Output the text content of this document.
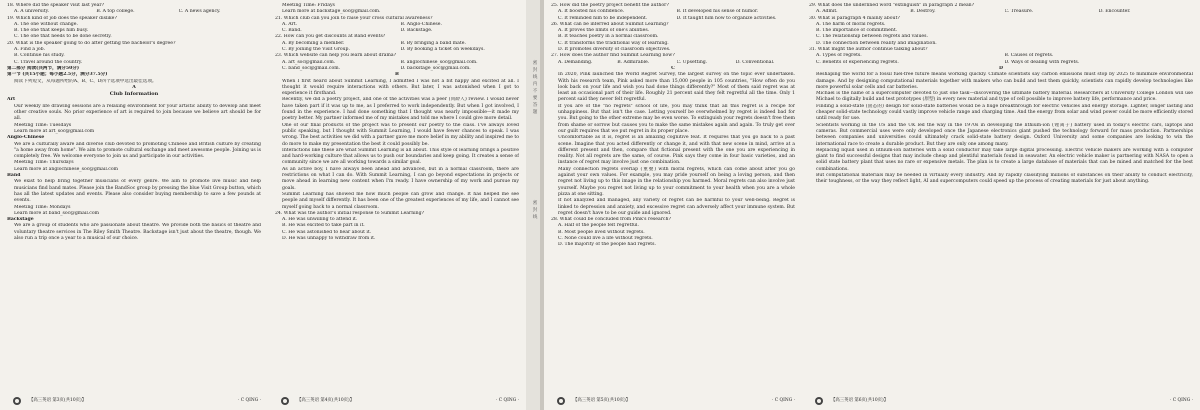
18. Where did the speaker visit last year?

A. A university.	B. A top college.	C. A news agency.

19. Which kind of job does the speaker dislike?

A. The one without change.

B. The one that keeps him busy.

C. The one that needs to be done secretly.

20. What is the speaker going to do after getting the bachelor's degree?

A. Find a job.

B. Continue his study.

C. Travel around the country.

第二部分 阅读(共两节，满分50分)

第一节 (共15小题；每小题2.5分，满分37.5分)

阅读下列短文，从每题所给的A、B、C、D四个选项中选出最佳选项。

A

Club Information

Art

Our weekly life drawing sessions are a relaxing environment for your artistic ability to develop and meet other creative souls. No prior experience of art is required to join because we believe art should be for all.

Meeting Time: Tuesdays

Learn more at art_soc@gmail.com

Anglo-Chinese

We are a culturally aware and diverse club devoted to promoting Chinese and British culture by creating "a home away from home". We aim to promote cultural exchange and meet awesome people. Joining us is completely free. We welcome everyone to join us and participate in our activities.

Meeting Time: Thursdays

Learn more at anglochinese_soc@gmail.com

Band

We exist to help bring together musicians of every genre. We aim to promote live music and help musicians find band mates. Please join the BandSoc group by pressing the blue Visit Group button, which has all the latest updates and events. Please also consider buying membership to save a few pounds at events.

Meeting Time: Mondays

Learn more at band_soc@gmail.com

Backstage

We are a group of students who are passionate about theatre. We provide both the basics of theatre and voluntary theatre services in The Riley Smith Theatre. Backstage isn't just about the theatre, though. We also run a trip once a year to a musical of our choice.

【高三英语 第3页(共10页)】	· C QING ·

Meeting Time: Fridays

Learn more at backstage_soc@gmail.com.

21. Which club can you join to raise your cross cultural awareness?

A. Art.	B. Anglo-Chinese.
C. Band.	D. Backstage.

22. How can you get discounts at Band events?

A. By becoming a member.	B. By bringing a band mate.
C. By joining the Visit Group.	D. By booking a ticket on weekdays.

23. Which website can help you learn about drama?

A. art_soc@gmail.com.	B. anglochinese_soc@gmail.com.
C. band_soc@gmail.com.	D. backstage_soc@gmail.com.

B

When I first heard about Summit Learning, I admitted I was not a bit happy and excited at all. I thought it would require interactions with others. But later, I was astonished when I got to experience it firsthand.

Recently, we did a poetry project, and one of the activities was a peer (同龄人) review. I would never have taken part if it was up to me, as I preferred to work independently. But when I got involved, I found in the experience. I had done something that I thought was nearly impossible—it made my poetry better. My partner informed me of my mistakes and told me where I could give more detail.

One of our final products of the project was to present our poetry to the class. I've always loved public speaking, but I thought with Summit Learning, I would have fewer chances to speak. I was wrong. The best activities we did with a partner gave me more belief in my ability and inspired me to do more to make my presentation the best it could possibly be.

Interactions like these are what Summit Learning is all about. This style of learning brings a positive and hard-working culture that allows us to push our boundaries and keep going. It creates a sense of community since we are all working towards a similar goal.

As an active boy, I have always been ahead and advanced, but in a normal classroom, there are restrictions on what I can do. With Summit Learning, I can go beyond expectations in projects or move ahead in learning new content when I'm ready. I have ownership of my work and pursue my goals.

Summit Learning has showed me how much people can grow and change. It has helped me see people and myself differently. It has been one of the greatest experiences of my life, and I cannot see myself going back to a normal classroom.

24. What was the author's initial response to Summit Learning?

A. He was unwilling to attend it.

B. He was excited to take part in it.

C. He was astonished to hear about it.

D. He was unhappy to withdraw from it.

【高三英语 第4页(共10页)】	· C QING ·
密封线内不要答题
密封线

25. How did the poetry project benefit the author?

A. It boosted his confidence.	B. It developed his sense of humor.
C. It reminded him to be independent.	D. It taught him how to organize activities.

26. What can be inferred about Summit Learning?

A. It proves the limits of one's abilities.

B. It teaches poetry in a normal classroom.

C. It transforms the traditional way of learning.

D. It promotes diversity of classroom objectives.

27. How does the author find Summit Learning now?

A. Demanding.	B. Admirable.	C. Upsetting.	D. Conventional.

C

In 2020, Pink launched the World Regret Survey, the largest survey on the topic ever undertaken. With his research team, Pink asked more than 15,000 people in 105 countries, "How often do you look back on your life and wish you had done things differently?" Most of them said regret was at least an occasional part of their life. Roughly 21 percent said they felt regretful all the time. Only 1 percent said they never felt regretful.

If you are of the "no regrets" school of life, you may think that all this regret is a recipe for unhappiness. But that isn't the case. Letting yourself be overwhelmed by regret is indeed bad for you. But going to the other extreme may be even worse. To extinguish your regrets doesn't free them from shame or sorrow but causes you to make the same mistakes again and again. To truly get over our guilt requires that we put regret in its proper place.

Uncomfortable as it is, regret is an amazing cognitive feat. It requires that you go back to a past scene. Imagine that you acted differently or change it, and with that new scene in mind, arrive at a different present and then, compare that fictional present with the one you are experiencing in reality. Not all regrets are the same, of course. Pink says they come in four basic varieties, and an instance of regret may involve just one combination.

Many connection regrets overlap (重叠) with moral regrets, which can come about after you go against your own values. For example, you may pride yourself on being a loving person, and then regret not living up to this image in the relationship you harmed. Moral regrets can also involve just yourself. Maybe you regret not living up to your commitment to your health when you are a whole pizza at one sitting.

If not analyzed and managed, any variety of regret can be harmful to your well-being. Regret is linked to depression and anxiety, and excessive regret can adversely affect your immune system. But regret doesn't have to be our guide and ignored.

28. What could be concluded from Pink's research?

A. Half of the people felt regretful.

B. Most people lived without regrets.

C. None could live a life without regrets.

D. The majority of the people had regrets.

【高三英语 第5页(共10页)】	· C QING ·

29. What does the underlined word "extinguish" in paragraph 2 mean?

A. Admit.	B. Destroy.	C. Treasure.	D. Encounter.

30. What is paragraph 4 mainly about?

A. The harm of moral regrets.

B. The importance of commitment.

C. The relationship between regrets and values.

D. The connection between reality and imagination.

31. What might the author continue talking about?

A. Types of regrets.	B. Causes of regrets.
C. Benefits of experiencing regrets.	D. Ways of dealing with regrets.

D

Reshaping the world for a fossil fuel-free future means working quickly. Climate scientists say carbon emissions must stop by 2025 to minimize environmental damage. And by designing computational materials together with makers who can build and test them quickly, scientists can rapidly develop technologies like more powerful solar cells and car batteries.

Michael is the name of a supercomputer devoted to just one task—discovering the ultimate battery material. Researchers at University College London will use Michael to digitally build and test prototypes (原型) in every new material and type of cell possible to improve battery life, performance and price.

Finding a solid-state (固态的) design for solid-state batteries would be a huge breakthrough for electric vehicles and energy storage. Lighter, longer lasting and cheaper solid-state technology could vastly improve vehicle range and charging time. And the energy from solar and wind power could be more efficiently stored until ready for use.

Scientists working in the US and the UK led the way in the 1970s in developing the lithium-ion (锂离子) battery used in today's electric cars, laptops and cameras. But commercial uses were only developed once the Japanese electronics giant pushed the technology forward for mass production. Partnerships between companies and universities could ultimately crack solid-state battery design. Oxford University and some companies are looking to win the international race to create a durable product. But they are only one among many.

Replacing liquid used in lithium-ion batteries with a solid conductor may take large digital processing. Electric vehicle makers are working with a computer giant to find successful designs that may include cheap and plentiful materials found in seawater. An electric vehicle maker is partnering with NASA to open a solid state battery plant that uses no rare or expensive metals. The plan is to create a large database of materials that can be mined and matched for the best combinations.

But computational materials may be needed in virtually every industry. And by rapidly classifying millions of substances on their ability to conduct electricity, their toughness, or the way they reflect light, AI and supercomputers could speed up the process of creating materials for just about anything.

【高三英语 第6页(共10页)】	· C QING ·
